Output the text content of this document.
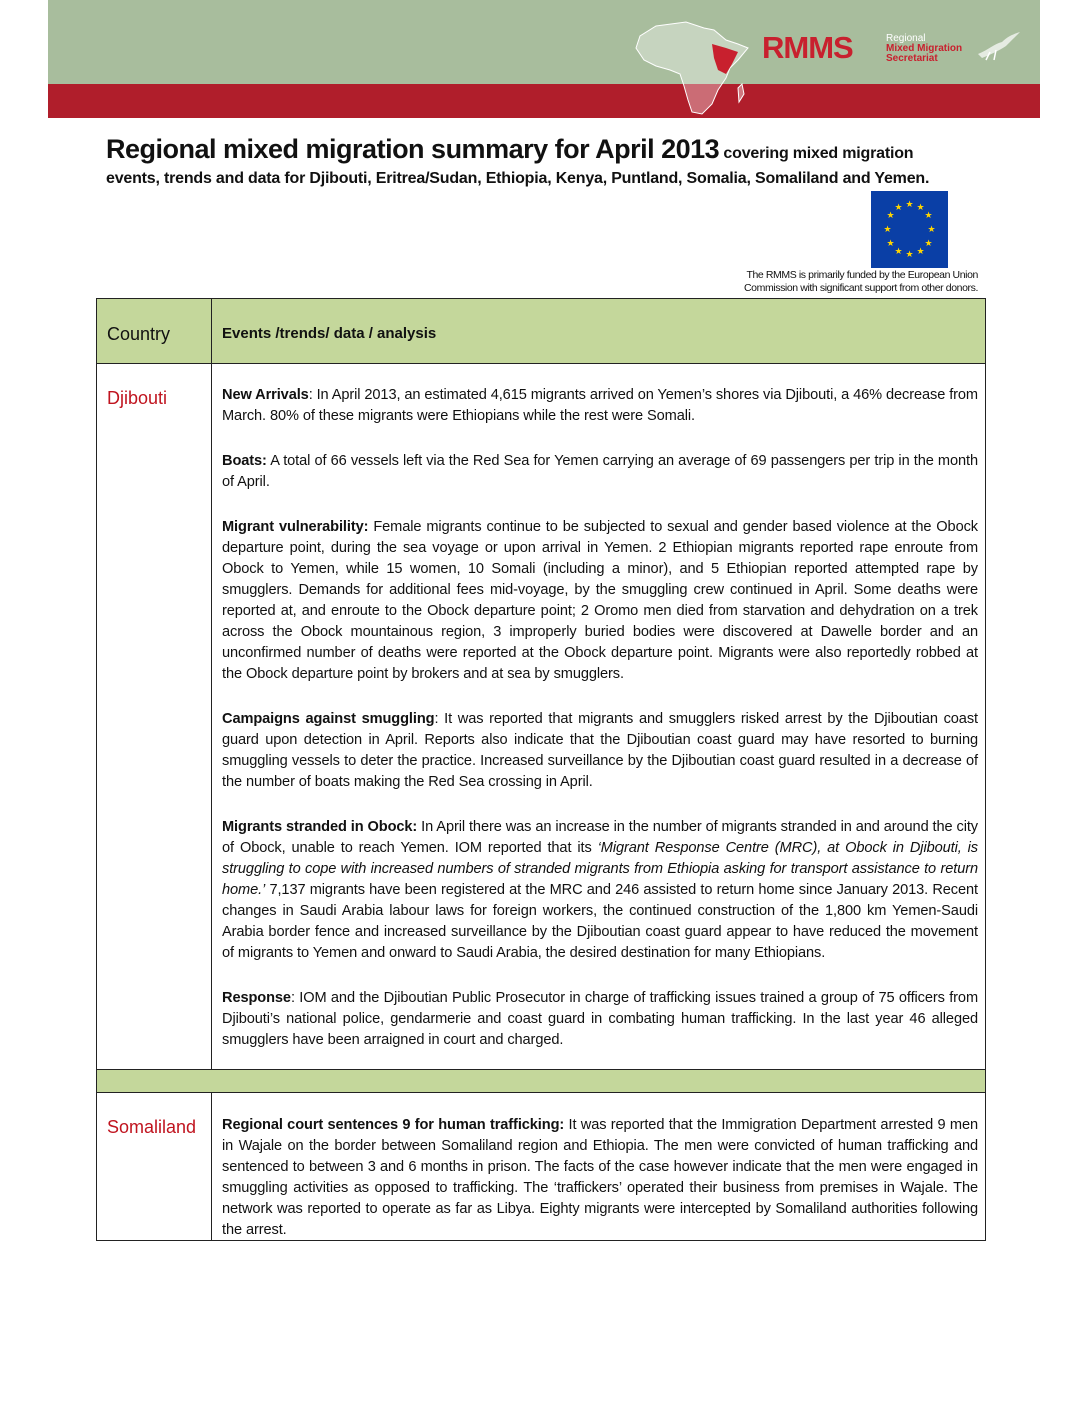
RMMS	Regional
Mixed Migration
Secretariat
Regional mixed migration summary for April 2013 covering mixed migration
events, trends and data for Djibouti, Eritrea/Sudan, Ethiopia, Kenya, Puntland, Somalia, Somaliland and Yemen.
★ ★
★
★
★
★
★
★
★
★
★
★
The RMMS is primarily funded by the European Union
Commission with significant support from other donors.
Country	Events /trends/ data / analysis
Djibouti	New Arrivals: In April 2013, an estimated 4,615 migrants arrived on Yemen’s shores via Djibouti, a 46% decrease from March. 80% of these migrants were Ethiopians while the rest were Somali.

Boats: A total of 66 vessels left via the Red Sea for Yemen carrying an average of 69 passengers per trip in the month of April.

Migrant vulnerability: Female migrants continue to be subjected to sexual and gender based violence at the Obock departure point, during the sea voyage or upon arrival in Yemen. 2 Ethiopian migrants reported rape enroute from Obock to Yemen, while 15 women, 10 Somali (including a minor), and 5 Ethiopian reported attempted rape by smugglers. Demands for additional fees mid-voyage, by the smuggling crew continued in April. Some deaths were reported at, and enroute to the Obock departure point; 2 Oromo men died from starvation and dehydration on a trek across the Obock mountainous region, 3 improperly buried bodies were discovered at Dawelle border and an unconfirmed number of deaths were reported at the Obock departure point. Migrants were also reportedly robbed at the Obock departure point by brokers and at sea by smugglers.

Campaigns against smuggling: It was reported that migrants and smugglers risked arrest by the Djiboutian coast guard upon detection in April. Reports also indicate that the Djiboutian coast guard may have resorted to burning smuggling vessels to deter the practice. Increased surveillance by the Djiboutian coast guard resulted in a decrease of the number of boats making the Red Sea crossing in April.

Migrants stranded in Obock: In April there was an increase in the number of migrants stranded in and around the city of Obock, unable to reach Yemen. IOM reported that its ‘Migrant Response Centre (MRC), at Obock in Djibouti, is struggling to cope with increased numbers of stranded migrants from Ethiopia asking for transport assistance to return home.’ 7,137 migrants have been registered at the MRC and 246 assisted to return home since January 2013. Recent changes in Saudi Arabia labour laws for foreign workers, the continued construction of the 1,800 km Yemen-Saudi Arabia border fence and increased surveillance by the Djiboutian coast guard appear to have reduced the movement of migrants to Yemen and onward to Saudi Arabia, the desired destination for many Ethiopians.

Response: IOM and the Djiboutian Public Prosecutor in charge of trafficking issues trained a group of 75 officers from Djibouti’s national police, gendarmerie and coast guard in combating human trafficking. In the last year 46 alleged smugglers have been arraigned in court and charged.

Somaliland Regional court sentences 9 for human trafficking: It was reported that the Immigration Department arrested 9 men in Wajale on the border between Somaliland region and Ethiopia. The men were convicted of human trafficking and sentenced to between 3 and 6 months in prison. The facts of the case however indicate that the men were engaged in smuggling activities as opposed to trafficking. The ‘traffickers’ operated their business from premises in Wajale. The network was reported to operate as far as Libya. Eighty migrants were intercepted by Somaliland authorities following the arrest.
